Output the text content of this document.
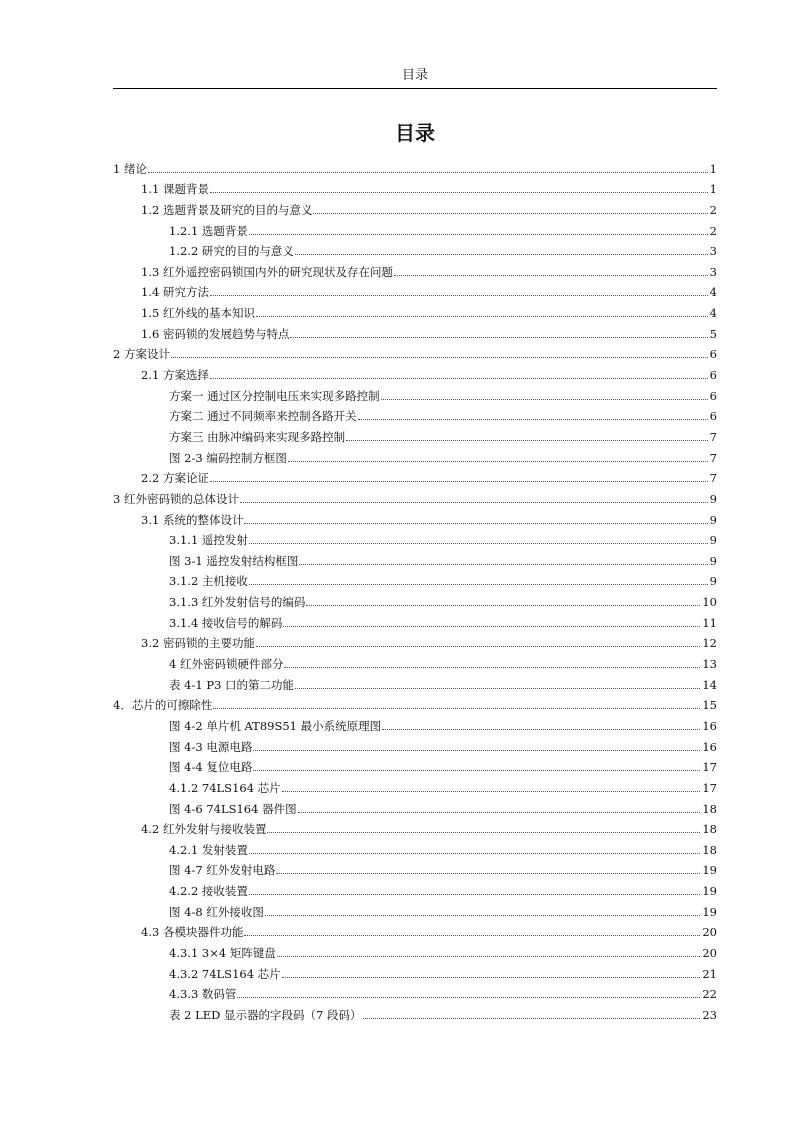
目录
目录
1 绪论	1
1.1 课题背景	1
1.2 选题背景及研究的目的与意义	2
1.2.1 选题背景	2
1.2.2 研究的目的与意义	3
1.3 红外遥控密码锁国内外的研究现状及存在问题	3
1.4 研究方法	4
1.5 红外线的基本知识	4
1.6 密码锁的发展趋势与特点	5
2 方案设计	6
2.1 方案选择	6
方案一 通过区分控制电压来实现多路控制	6
方案二 通过不同频率来控制各路开关	6
方案三 由脉冲编码来实现多路控制	7
图 2-3 编码控制方框图	7
2.2 方案论证	7
3 红外密码锁的总体设计	9
3.1 系统的整体设计	9
3.1.1 遥控发射	9
图 3-1 遥控发射结构框图	9
3.1.2 主机接收	9
3.1.3 红外发射信号的编码	10
3.1.4 接收信号的解码	11
3.2 密码锁的主要功能	12
4 红外密码锁硬件部分	13
表 4-1 P3 口的第二功能	14
4．芯片的可擦除性	15
图 4-2 单片机 AT89S51 最小系统原理图	16
图 4-3 电源电路	16
图 4-4 复位电路	17
4.1.2 74LS164 芯片	17
图 4-6 74LS164 器件图	18
4.2 红外发射与接收装置	18
4.2.1 发射装置	18
图 4-7 红外发射电路	19
4.2.2 接收装置	19
图 4-8 红外接收图	19
4.3 各模块器件功能	20
4.3.1 3×4 矩阵键盘	20
4.3.2 74LS164 芯片	21
4.3.3 数码管	22
表 2 LED 显示器的字段码（7 段码）	23
